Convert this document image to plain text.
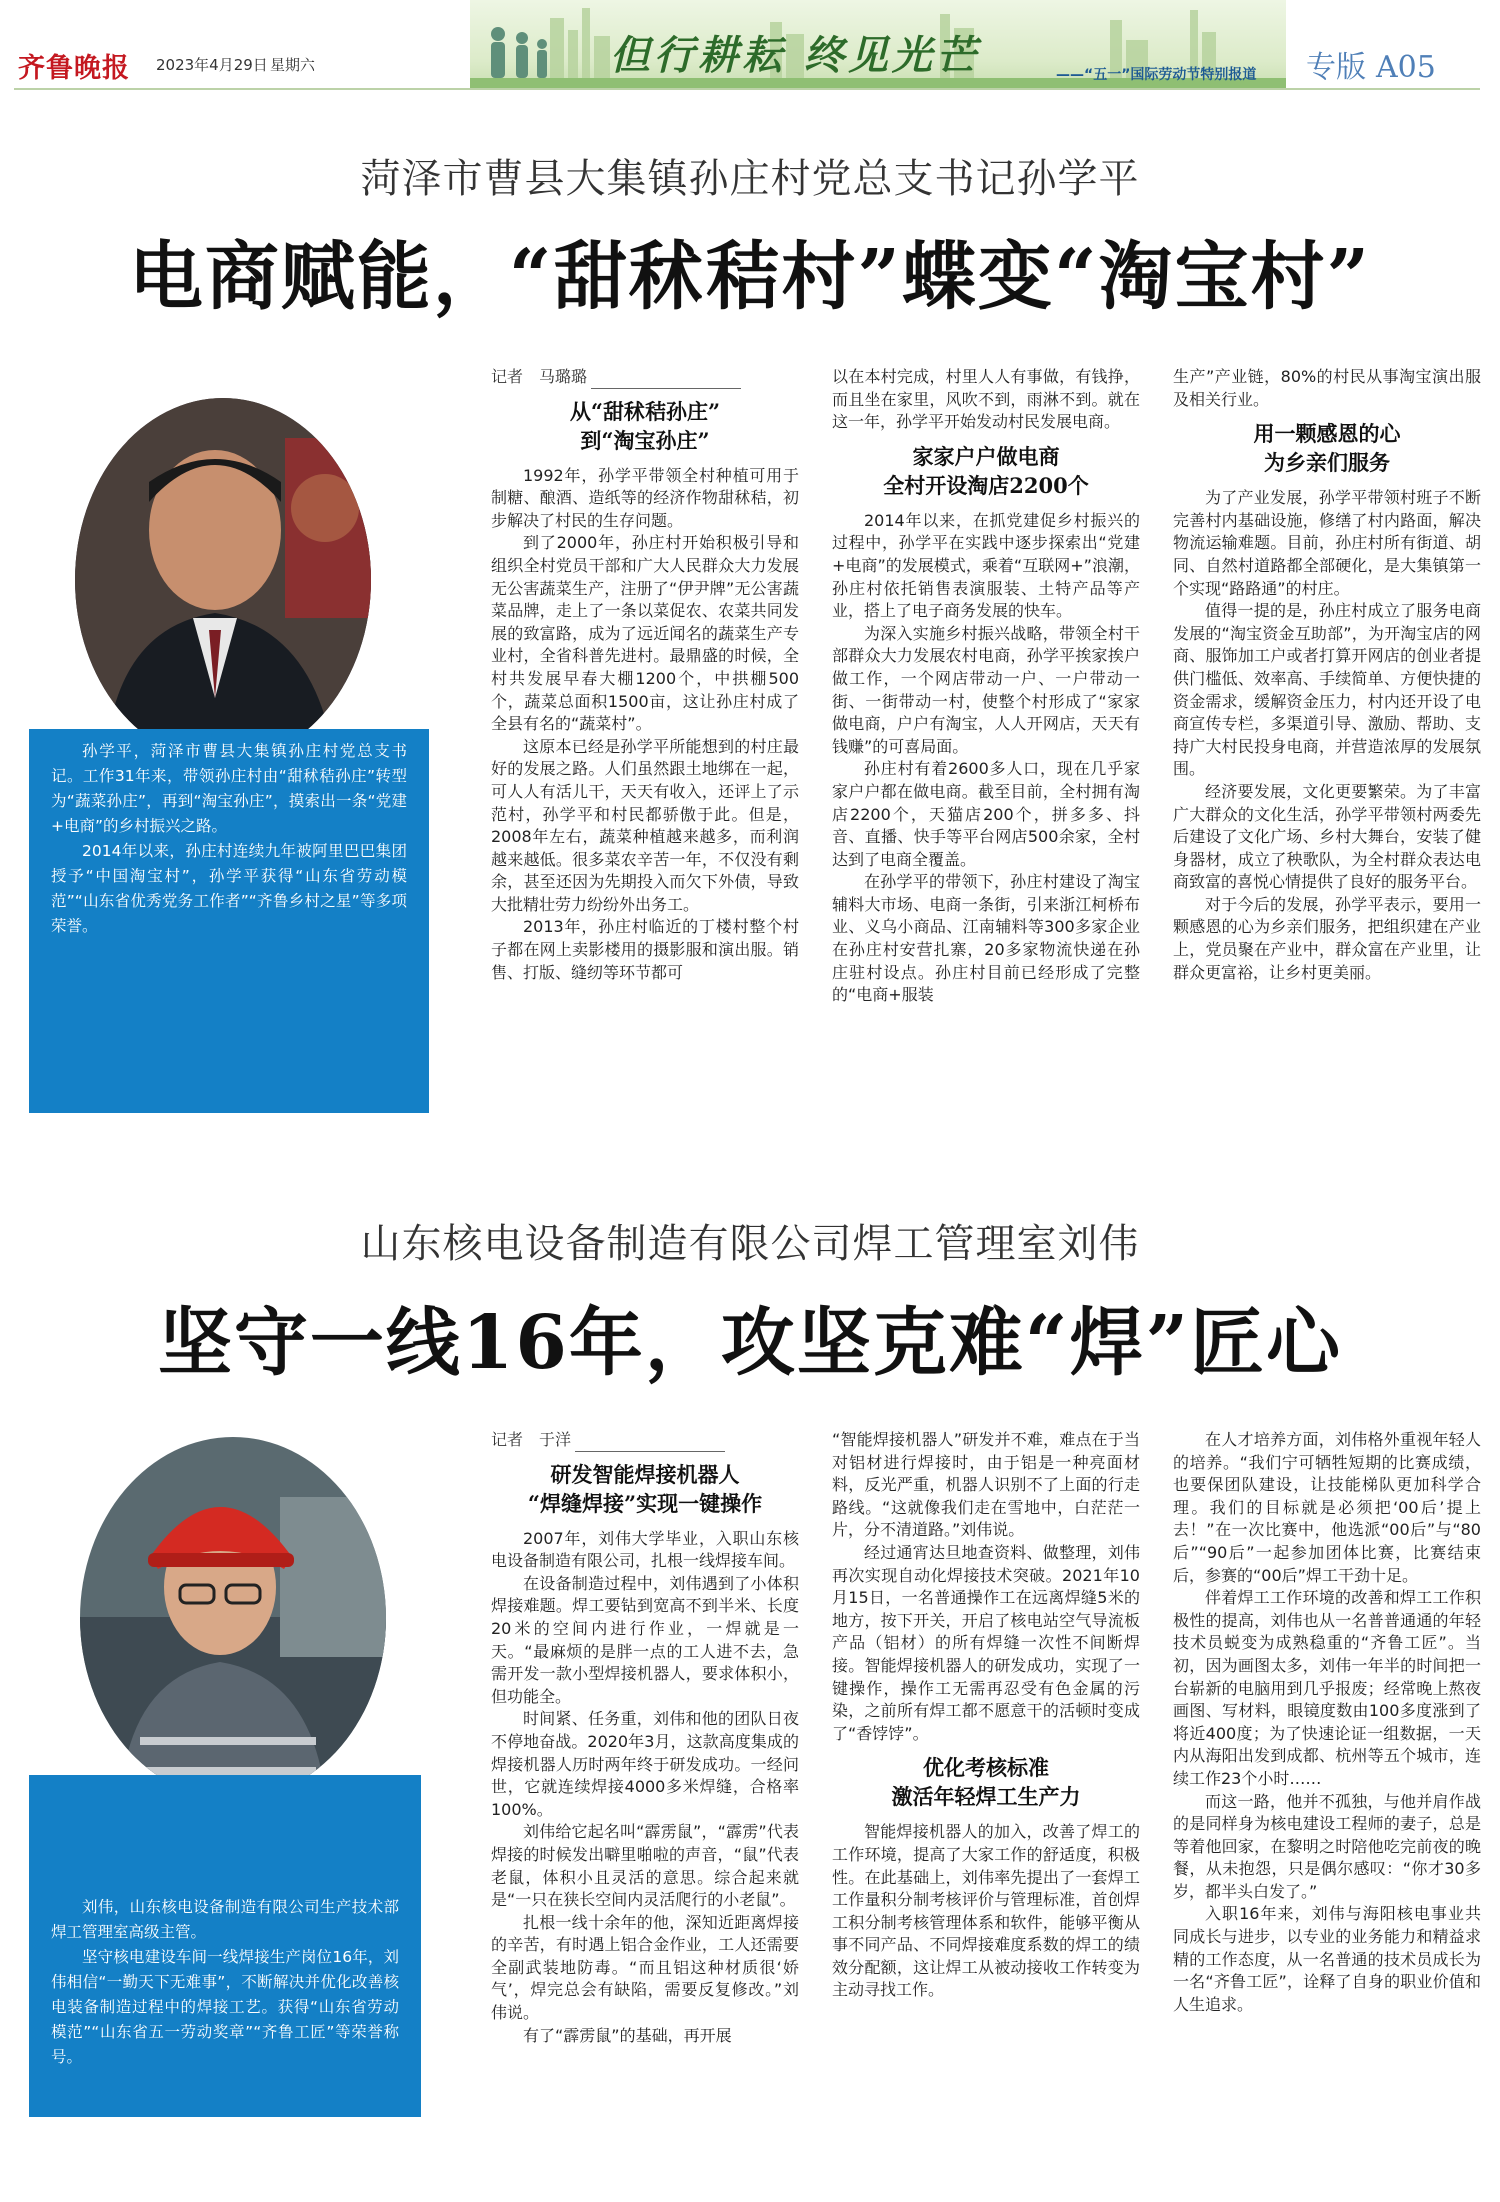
齐鲁晚报 2023年4月29日 星期六	但行耕耘 终见光芒	——“五一”国际劳动节特别报道 专版 A05
菏泽市曹县大集镇孙庄村党总支书记孙学平
电商赋能，“甜秫秸村”蝶变“淘宝村”

孙学平，菏泽市曹县大集镇孙庄村党总支书记。工作31年来，带领孙庄村由“甜秫秸孙庄”转型为“蔬菜孙庄”，再到“淘宝孙庄”，摸索出一条“党建+电商”的乡村振兴之路。

2014年以来，孙庄村连续九年被阿里巴巴集团授予“中国淘宝村”，孙学平获得“山东省劳动模范”“山东省优秀党务工作者”“齐鲁乡村之星”等多项荣誉。

记者　马璐璐
从“甜秫秸孙庄”
到“淘宝孙庄”

1992年，孙学平带领全村种植可用于制糖、酿酒、造纸等的经济作物甜秫秸，初步解决了村民的生存问题。

到了2000年，孙庄村开始积极引导和组织全村党员干部和广大人民群众大力发展无公害蔬菜生产，注册了“伊尹牌”无公害蔬菜品牌，走上了一条以菜促农、农菜共同发展的致富路，成为了远近闻名的蔬菜生产专业村，全省科普先进村。最鼎盛的时候，全村共发展早春大棚1200个，中拱棚500个，蔬菜总面积1500亩，这让孙庄村成了全县有名的“蔬菜村”。

这原本已经是孙学平所能想到的村庄最好的发展之路。人们虽然跟土地绑在一起，可人人有活儿干，天天有收入，还评上了示范村，孙学平和村民都骄傲于此。但是，2008年左右，蔬菜种植越来越多，而利润越来越低。很多菜农辛苦一年，不仅没有剩余，甚至还因为先期投入而欠下外债，导致大批精壮劳力纷纷外出务工。

2013年，孙庄村临近的丁楼村整个村子都在网上卖影楼用的摄影服和演出服。销售、打版、缝纫等环节都可

以在本村完成，村里人人有事做，有钱挣，而且坐在家里，风吹不到，雨淋不到。就在这一年，孙学平开始发动村民发展电商。

家家户户做电商
全村开设淘店2200个

2014年以来，在抓党建促乡村振兴的过程中，孙学平在实践中逐步探索出“党建+电商”的发展模式，乘着“互联网+”浪潮，孙庄村依托销售表演服装、土特产品等产业，搭上了电子商务发展的快车。

为深入实施乡村振兴战略，带领全村干部群众大力发展农村电商，孙学平挨家挨户做工作，一个网店带动一户、一户带动一街、一街带动一村，使整个村形成了“家家做电商，户户有淘宝，人人开网店，天天有钱赚”的可喜局面。

孙庄村有着2600多人口，现在几乎家家户户都在做电商。截至目前，全村拥有淘店2200个，天猫店200个，拼多多、抖音、直播、快手等平台网店500余家，全村达到了电商全覆盖。

在孙学平的带领下，孙庄村建设了淘宝辅料大市场、电商一条街，引来浙江柯桥布业、义乌小商品、江南辅料等300多家企业在孙庄村安营扎寨，20多家物流快递在孙庄驻村设点。孙庄村目前已经形成了完整的“电商+服装

生产”产业链，80%的村民从事淘宝演出服及相关行业。

用一颗感恩的心
为乡亲们服务

为了产业发展，孙学平带领村班子不断完善村内基础设施，修缮了村内路面，解决物流运输难题。目前，孙庄村所有街道、胡同、自然村道路都全部硬化，是大集镇第一个实现“路路通”的村庄。

值得一提的是，孙庄村成立了服务电商发展的“淘宝资金互助部”，为开淘宝店的网商、服饰加工户或者打算开网店的创业者提供门槛低、效率高、手续简单、方便快捷的资金需求，缓解资金压力，村内还开设了电商宣传专栏，多渠道引导、激励、帮助、支持广大村民投身电商，并营造浓厚的发展氛围。

经济要发展，文化更要繁荣。为了丰富广大群众的文化生活，孙学平带领村两委先后建设了文化广场、乡村大舞台，安装了健身器材，成立了秧歌队，为全村群众表达电商致富的喜悦心情提供了良好的服务平台。

对于今后的发展，孙学平表示，要用一颗感恩的心为乡亲们服务，把组织建在产业上，党员聚在产业中，群众富在产业里，让群众更富裕，让乡村更美丽。

山东核电设备制造有限公司焊工管理室刘伟
坚守一线16年，攻坚克难“焊”匠心

刘伟，山东核电设备制造有限公司生产技术部焊工管理室高级主管。

坚守核电建设车间一线焊接生产岗位16年，刘伟相信“一勤天下无难事”，不断解决并优化改善核电装备制造过程中的焊接工艺。获得“山东省劳动模范”“山东省五一劳动奖章”“齐鲁工匠”等荣誉称号。

记者　于洋
研发智能焊接机器人
“焊缝焊接”实现一键操作

2007年，刘伟大学毕业，入职山东核电设备制造有限公司，扎根一线焊接车间。

在设备制造过程中，刘伟遇到了小体积焊接难题。焊工要钻到宽高不到半米、长度20米的空间内进行作业，一焊就是一天。“最麻烦的是胖一点的工人进不去，急需开发一款小型焊接机器人，要求体积小，但功能全。

时间紧、任务重，刘伟和他的团队日夜不停地奋战。2020年3月，这款高度集成的焊接机器人历时两年终于研发成功。一经问世，它就连续焊接4000多米焊缝，合格率100%。

刘伟给它起名叫“霹雳鼠”，“霹雳”代表焊接的时候发出噼里啪啦的声音，“鼠”代表老鼠，体积小且灵活的意思。综合起来就是“一只在狭长空间内灵活爬行的小老鼠”。

扎根一线十余年的他，深知近距离焊接的辛苦，有时遇上铝合金作业，工人还需要全副武装地防毒。“而且铝这种材质很‘娇气’，焊完总会有缺陷，需要反复修改。”刘伟说。

有了“霹雳鼠”的基础，再开展

“智能焊接机器人”研发并不难，难点在于当对铝材进行焊接时，由于铝是一种亮面材料，反光严重，机器人识别不了上面的行走路线。“这就像我们走在雪地中，白茫茫一片，分不清道路。”刘伟说。

经过通宵达旦地查资料、做整理，刘伟再次实现自动化焊接技术突破。2021年10月15日，一名普通操作工在远离焊缝5米的地方，按下开关，开启了核电站空气导流板产品（铝材）的所有焊缝一次性不间断焊接。智能焊接机器人的研发成功，实现了一键操作，操作工无需再忍受有色金属的污染，之前所有焊工都不愿意干的活顿时变成了“香饽饽”。

优化考核标准
激活年轻焊工生产力

智能焊接机器人的加入，改善了焊工的工作环境，提高了大家工作的舒适度，积极性。在此基础上，刘伟率先提出了一套焊工工作量积分制考核评价与管理标准，首创焊工积分制考核管理体系和软件，能够平衡从事不同产品、不同焊接难度系数的焊工的绩效分配额，这让焊工从被动接收工作转变为主动寻找工作。

在人才培养方面，刘伟格外重视年轻人的培养。“我们宁可牺牲短期的比赛成绩，也要保团队建设，让技能梯队更加科学合理。我们的目标就是必须把‘00后’提上去！”在一次比赛中，他选派“00后”与“80后”“90后”一起参加团体比赛，比赛结束后，参赛的“00后”焊工干劲十足。

伴着焊工工作环境的改善和焊工工作积极性的提高，刘伟也从一名普普通通的年轻技术员蜕变为成熟稳重的“齐鲁工匠”。当初，因为画图太多，刘伟一年半的时间把一台崭新的电脑用到几乎报废；经常晚上熬夜画图、写材料，眼镜度数由100多度涨到了将近400度；为了快速论证一组数据，一天内从海阳出发到成都、杭州等五个城市，连续工作23个小时……

而这一路，他并不孤独，与他并肩作战的是同样身为核电建设工程师的妻子，总是等着他回家，在黎明之时陪他吃完前夜的晚餐，从未抱怨，只是偶尔感叹：“你才30多岁，都半头白发了。”

入职16年来，刘伟与海阳核电事业共同成长与进步，以专业的业务能力和精益求精的工作态度，从一名普通的技术员成长为一名“齐鲁工匠”，诠释了自身的职业价值和人生追求。
